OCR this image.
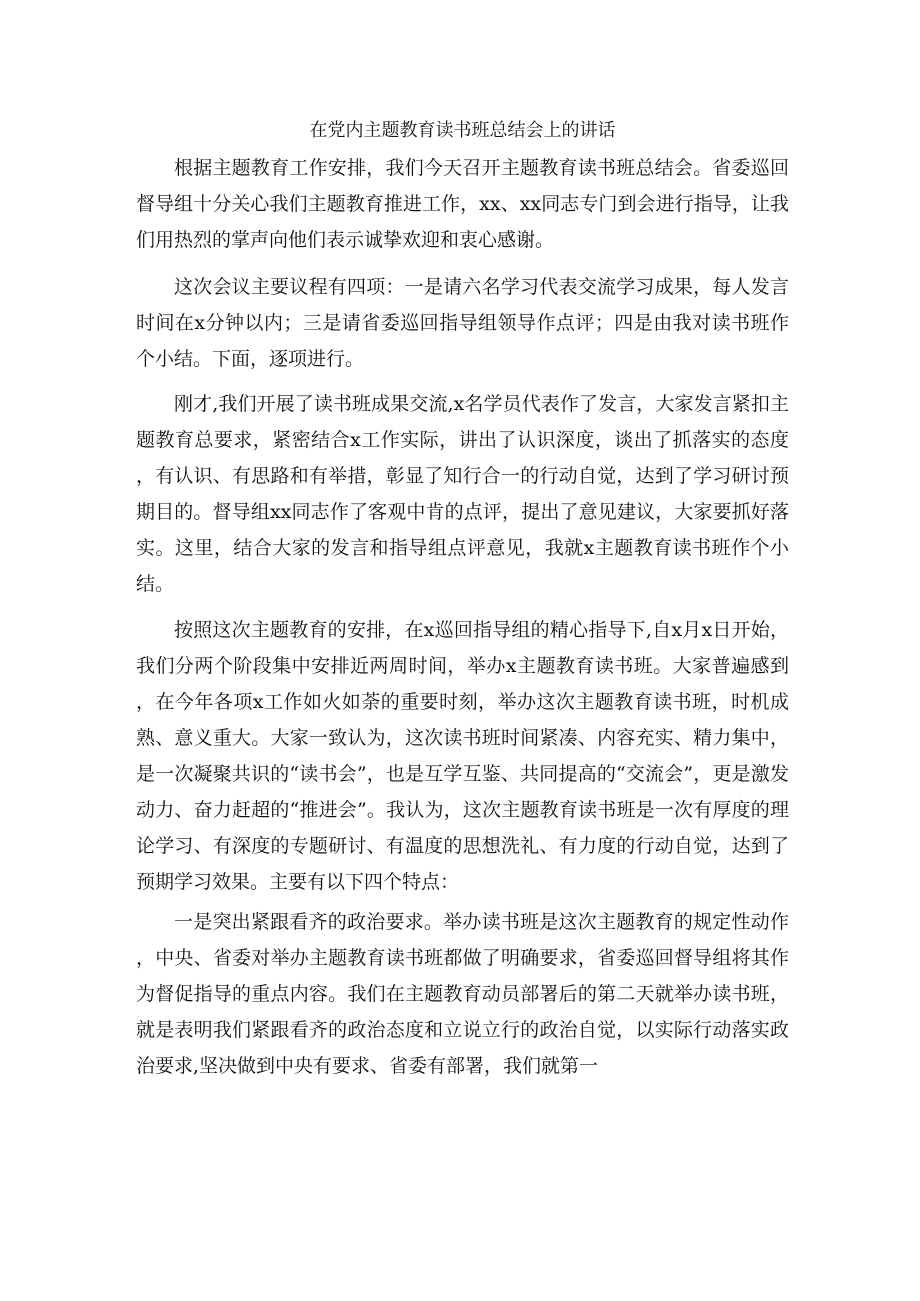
在党内主题教育读书班总结会上的讲话

根据主题教育工作安排，我们今天召开主题教育读书班总结会。省委巡回督导组十分关心我们主题教育推进工作，xx、xx同志专门到会进行指导，让我们用热烈的掌声向他们表示诚挚欢迎和衷心感谢。

这次会议主要议程有四项：一是请六名学习代表交流学习成果，每人发言时间在x分钟以内；三是请省委巡回指导组领导作点评；四是由我对读书班作个小结。下面，逐项进行。

刚才,我们开展了读书班成果交流,x名学员代表作了发言，大家发言紧扣主题教育总要求，紧密结合x工作实际，讲出了认识深度，谈出了抓落实的态度，有认识、有思路和有举措，彰显了知行合一的行动自觉，达到了学习研讨预期目的。督导组xx同志作了客观中肯的点评，提出了意见建议，大家要抓好落实。这里，结合大家的发言和指导组点评意见，我就x主题教育读书班作个小结。

按照这次主题教育的安排，在x巡回指导组的精心指导下,自x月x日开始，我们分两个阶段集中安排近两周时间，举办x主题教育读书班。大家普遍感到，在今年各项x工作如火如荼的重要时刻，举办这次主题教育读书班，时机成熟、意义重大。大家一致认为，这次读书班时间紧凑、内容充实、精力集中，是一次凝聚共识的“读书会”，也是互学互鉴、共同提高的“交流会”，更是激发动力、奋力赶超的“推进会”。我认为，这次主题教育读书班是一次有厚度的理论学习、有深度的专题研讨、有温度的思想洗礼、有力度的行动自觉，达到了预期学习效果。主要有以下四个特点：

一是突出紧跟看齐的政治要求。举办读书班是这次主题教育的规定性动作，中央、省委对举办主题教育读书班都做了明确要求，省委巡回督导组将其作为督促指导的重点内容。我们在主题教育动员部署后的第二天就举办读书班，就是表明我们紧跟看齐的政治态度和立说立行的政治自觉，以实际行动落实政治要求,坚决做到中央有要求、省委有部署，我们就第一
